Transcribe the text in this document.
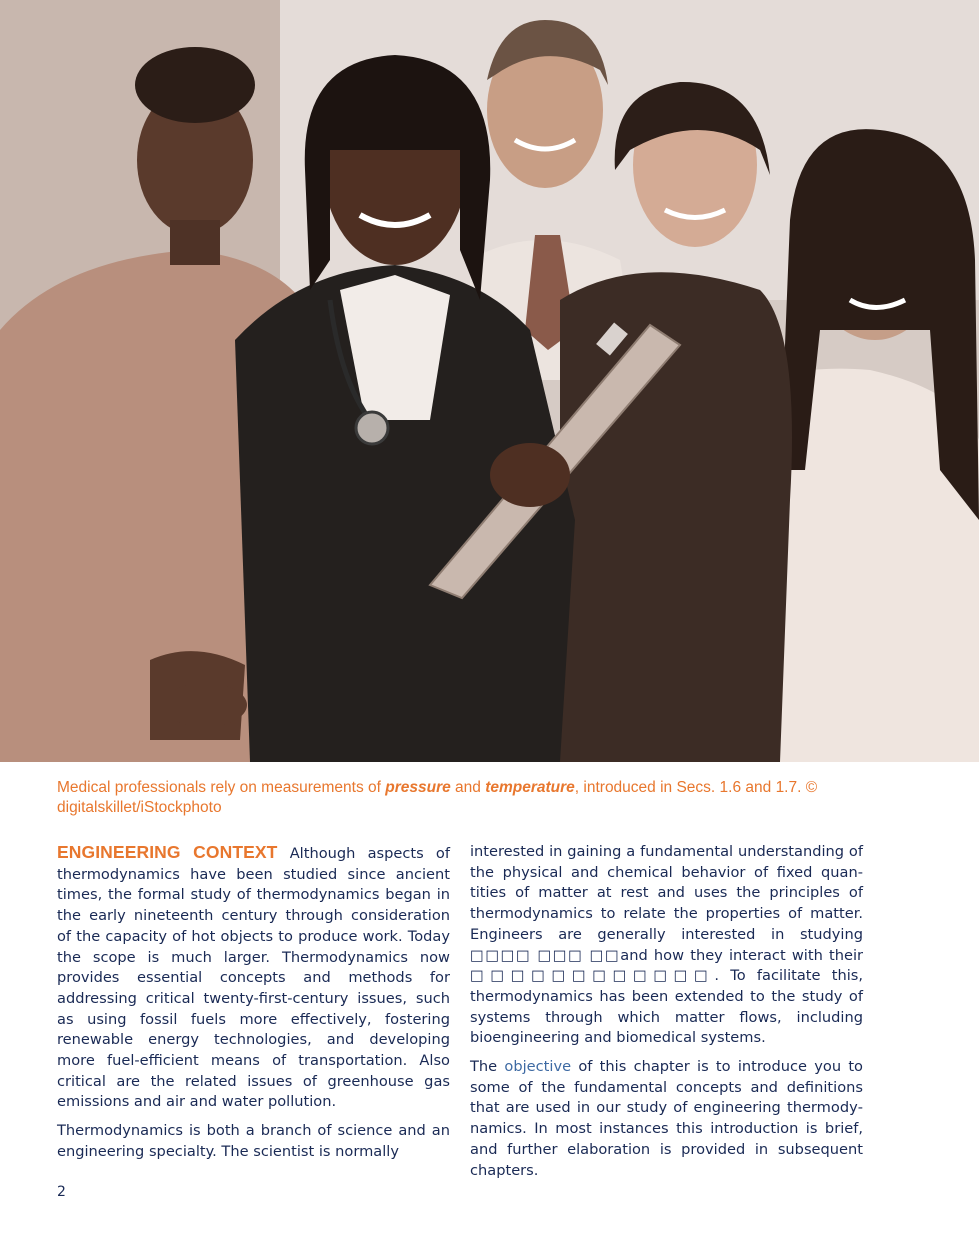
Medical professionals rely on measurements of pressure and temperature, introduced in Secs. 1.6 and 1.7. © digitalskillet/iStockphoto

ENGINEERING CONTEXT Although aspects of thermodynamics have been studied since ancient times, the formal study of thermodynamics began in the early nineteenth century through consideration of the capacity of hot objects to produce work. Today the scope is much larger. Thermodynamics now provides essential concepts and methods for addressing critical twenty-first-century issues, such as using fossil fuels more effectively, fostering renewable energy technologies, and developing more fuel-efficient means of transportation. Also critical are the related issues of greenhouse gas emissions and air and water pollution.

Thermodynamics is both a branch of science and an engineering specialty. The scientist is normally

interested in gaining a fundamental understanding of the physical and chemical behavior of fixed quantities of matter at rest and uses the principles of thermodynamics to relate the properties of matter. Engineers are generally interested in studying □□□□ □□□ □□and how they interact with their □□□□□□□□□□□□. To facilitate this, thermodynamics has been extended to the study of systems through which matter flows, including bioengineering and biomedical systems.

The objective of this chapter is to introduce you to some of the fundamental concepts and definitions that are used in our study of engineering thermodynamics. In most instances this introduction is brief, and further elaboration is provided in subsequent chapters.

2
